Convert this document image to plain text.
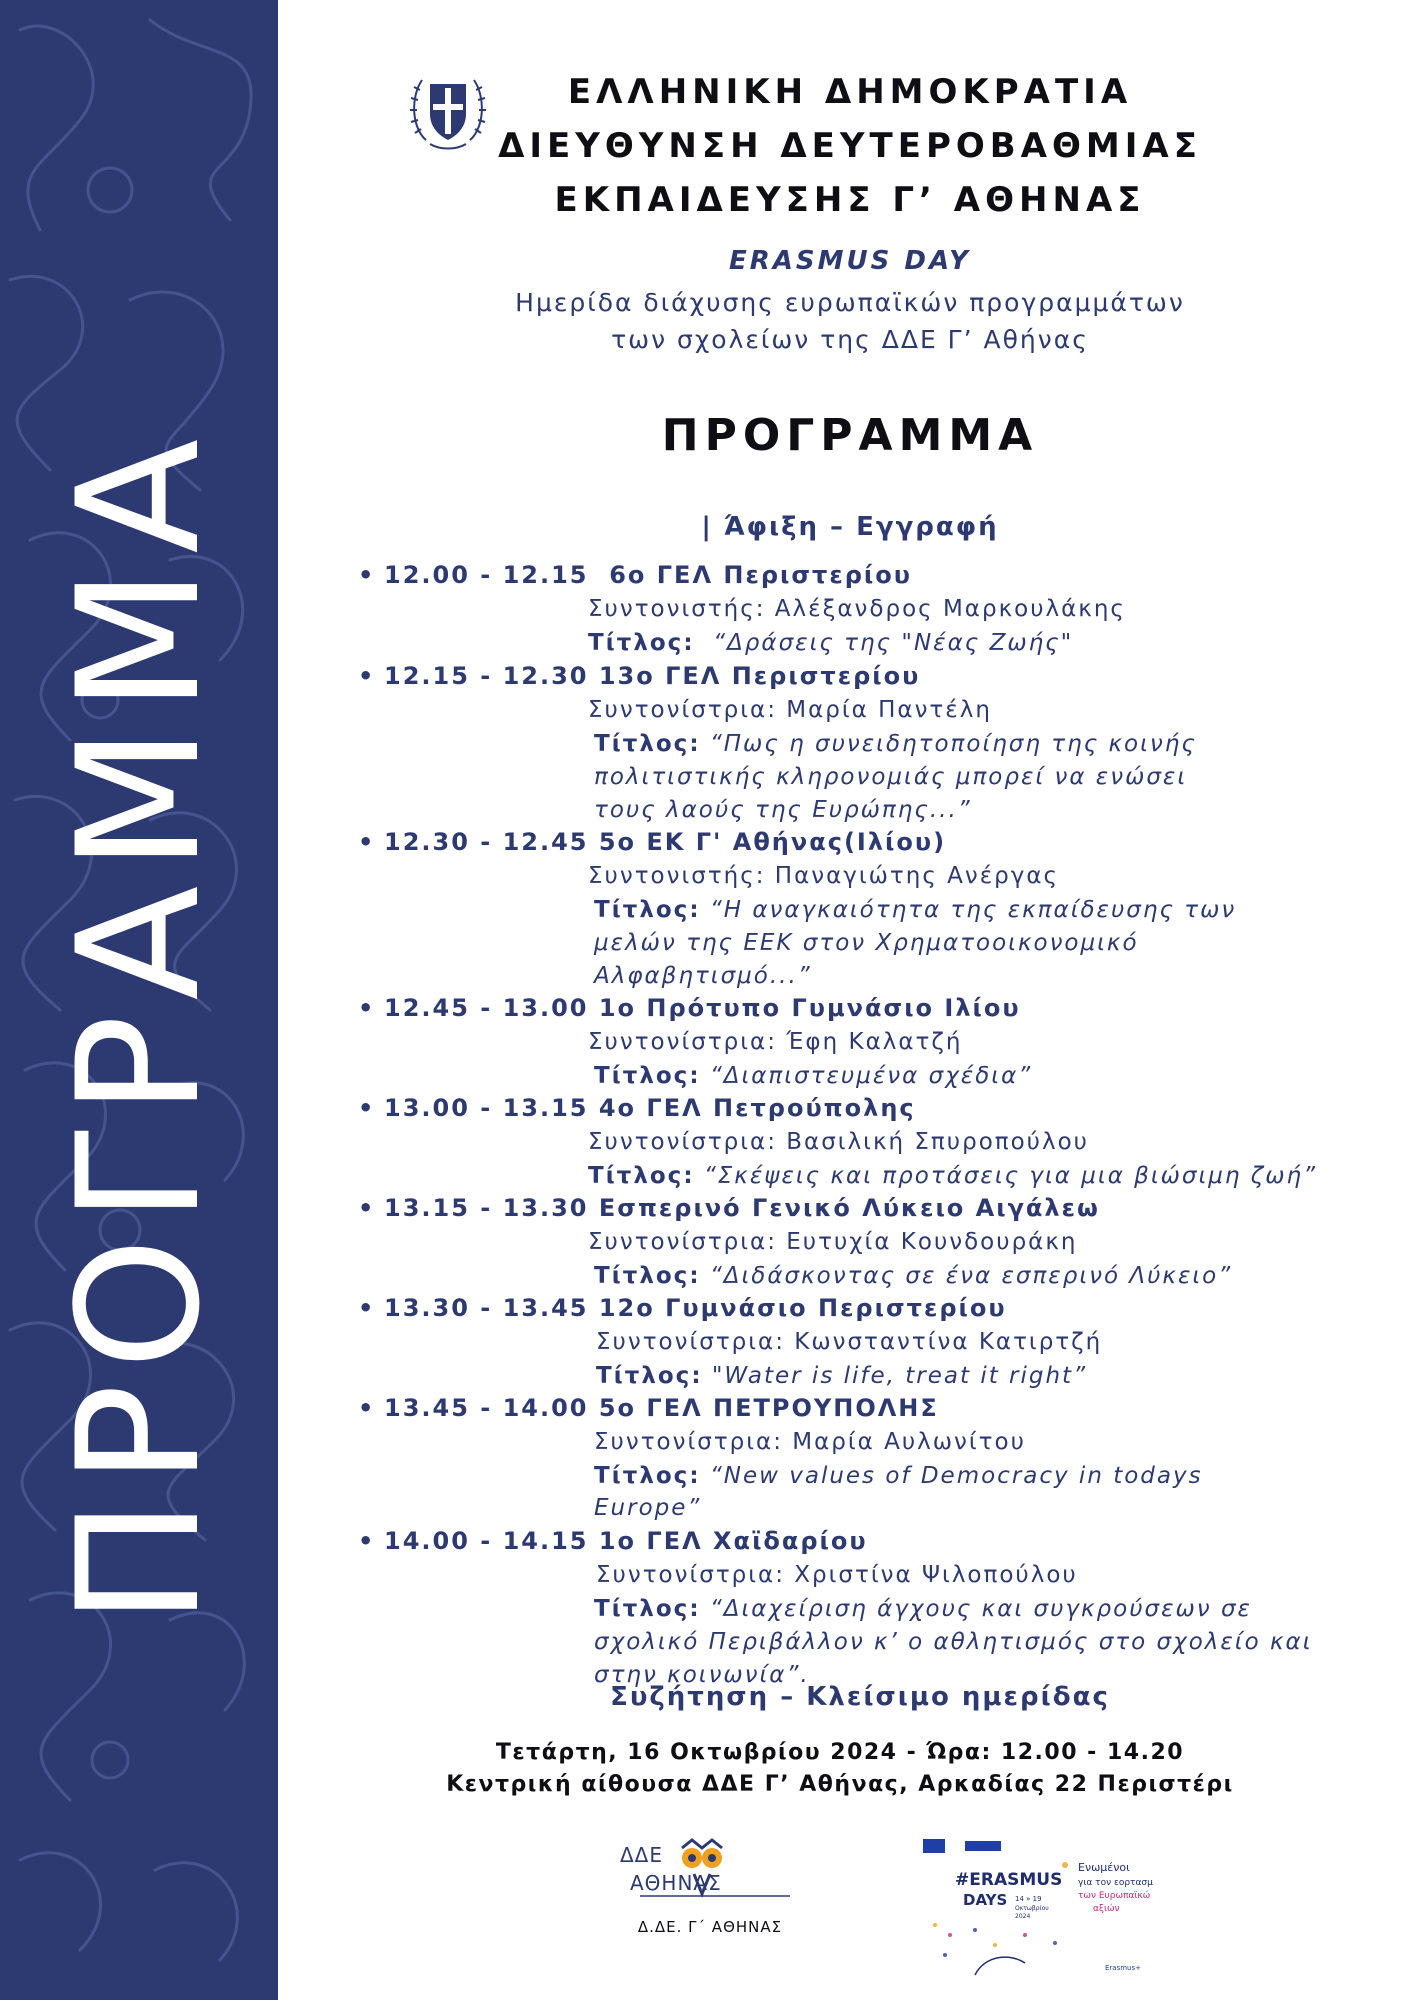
ΠΡΟΓΡΑΜΜΑ
ΕΛΛΗΝΙΚΗ ΔΗΜΟΚΡΑΤΙΑ
ΔΙΕΥΘΥΝΣΗ ΔΕΥΤΕΡΟΒΑΘΜΙΑΣ
ΕΚΠΑΙΔΕΥΣΗΣ Γ’ ΑΘΗΝΑΣ
ERASMUS DAY
Ημερίδα διάχυσης ευρωπαϊκών προγραμμάτων
των σχολείων της ΔΔΕ Γ’ Αθήνας
ΠΡΟΓΡΑΜΜΑ
| Άφιξη – Εγγραφή
• 12.00 - 12.15 6ο ΓΕΛ Περιστερίου
Συντονιστής: Αλέξανδρος Μαρκουλάκης
Τίτλος: “Δράσεις της "Νέας Ζωής"
• 12.15 - 12.30 13ο ΓΕΛ Περιστερίου
Συντονίστρια: Μαρία Παντέλη
Τίτλος: “Πως η συνειδητοποίηση της κοινής
πολιτιστικής κληρονομιάς μπορεί να ενώσει
τους λαούς της Ευρώπης...”
• 12.30 - 12.45 5ο ΕΚ Γ' Αθήνας(Ιλίου)
Συντονιστής: Παναγιώτης Ανέργας
Τίτλος: “Η αναγκαιότητα της εκπαίδευσης των
μελών της ΕΕΚ στον Χρηματοοικονομικό
Αλφαβητισμό...”
• 12.45 - 13.00 1ο Πρότυπο Γυμνάσιο Ιλίου
Συντονίστρια: Έφη Καλατζή
Τίτλος: “Διαπιστευμένα σχέδια”
• 13.00 - 13.15 4ο ΓΕΛ Πετρούπολης
Συντονίστρια: Βασιλική Σπυροπούλου
Τίτλος: “Σκέψεις και προτάσεις για μια βιώσιμη ζωή”
• 13.15 - 13.30 Εσπερινό Γενικό Λύκειο Αιγάλεω
Συντονίστρια: Ευτυχία Κουνδουράκη
Τίτλος: “Διδάσκοντας σε ένα εσπερινό Λύκειο”
• 13.30 - 13.45 12ο Γυμνάσιο Περιστερίου
Συντονίστρια: Κωνσταντίνα Κατιρτζή
Τίτλος: "Water is life, treat it right”
• 13.45 - 14.00 5ο ΓΕΛ ΠΕΤΡΟΥΠΟΛΗΣ
Συντονίστρια: Μαρία Αυλωνίτου
Τίτλος: “New values of Democracy in todays
Europe”
• 14.00 - 14.15 1ο ΓΕΛ Χαϊδαρίου
Συντονίστρια: Χριστίνα Ψιλοπούλου
Τίτλος: “Διαχείριση άγχους και συγκρούσεων σε
σχολικό Περιβάλλον κ’ ο αθλητισμός στο σχολείο και
στην κοινωνία”.
Συζήτηση – Κλείσιμο ημερίδας
Τετάρτη, 16 Οκτωβρίου 2024 - Ώρα: 12.00 - 14.20
Κεντρική αίθουσα ΔΔΕ Γ’ Αθήνας, Αρκαδίας 22 Περιστέρι
ΔΔΕ
ΑΘΗΝΑΣ
Δ.ΔΕ. Γ΄ ΑΘΗΝΑΣ
#ERASMUS
DAYS 14 » 19
Οκτωβρίου
2024
Ενωμένοι
για τον εορτασμ
των Ευρωπαϊκώ
αξιών
Erasmus+
